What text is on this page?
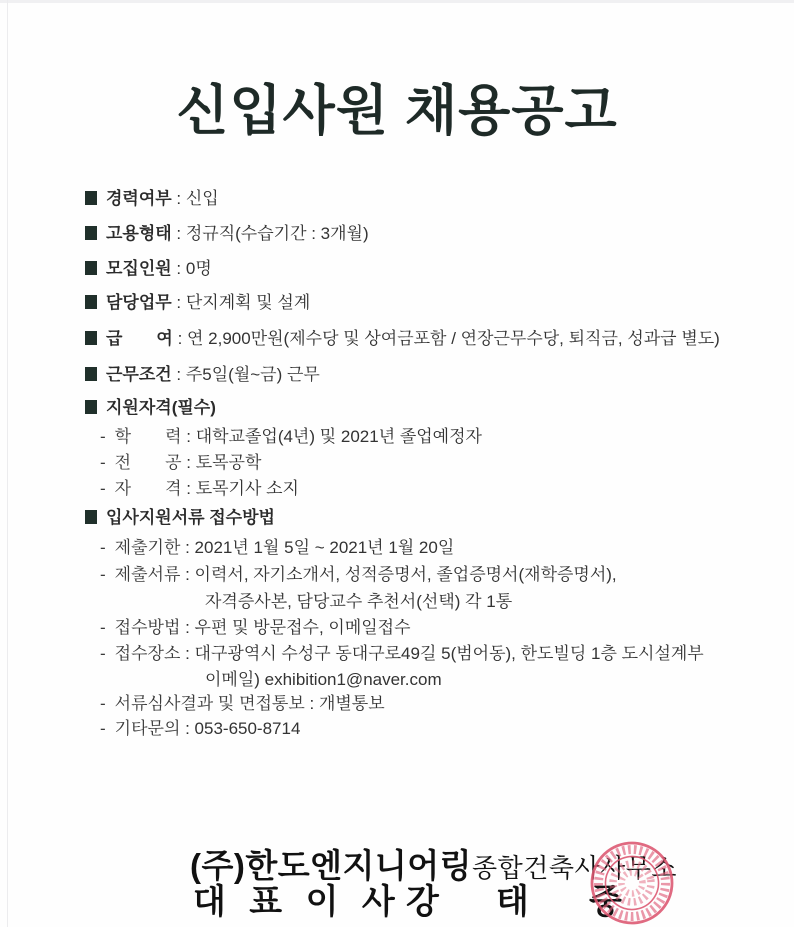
신입사원 채용공고
경력여부 : 신입
고용형태 : 정규직(수습기간 : 3개월)
모집인원 : 0명
담당업무 : 단지계획 및 설계
급　　여 : 연 2,900만원(제수당 및 상여금포함 / 연장근무수당, 퇴직금, 성과급 별도)
근무조건 : 주5일(월~금) 근무
지원자격(필수)
- 학　　력 : 대학교졸업(4년) 및 2021년 졸업예정자
- 전　　공 : 토목공학
- 자　　격 : 토목기사 소지
입사지원서류 접수방법
- 제출기한 : 2021년 1월 5일 ~ 2021년 1월 20일
- 제출서류 : 이력서, 자기소개서, 성적증명서, 졸업증명서(재학증명서),
자격증사본, 담당교수 추천서(선택) 각 1통
- 접수방법 : 우편 및 방문접수, 이메일접수
- 접수장소 : 대구광역시 수성구 동대구로49길 5(범어동), 한도빌딩 1층 도시설계부
이메일) exhibition1@naver.com
- 서류심사결과 및 면접통보 : 개별통보
- 기타문의 : 053-650-8714
(주)한도엔지니어링종합건축사사무소
대 표 이 사 강 태 중
